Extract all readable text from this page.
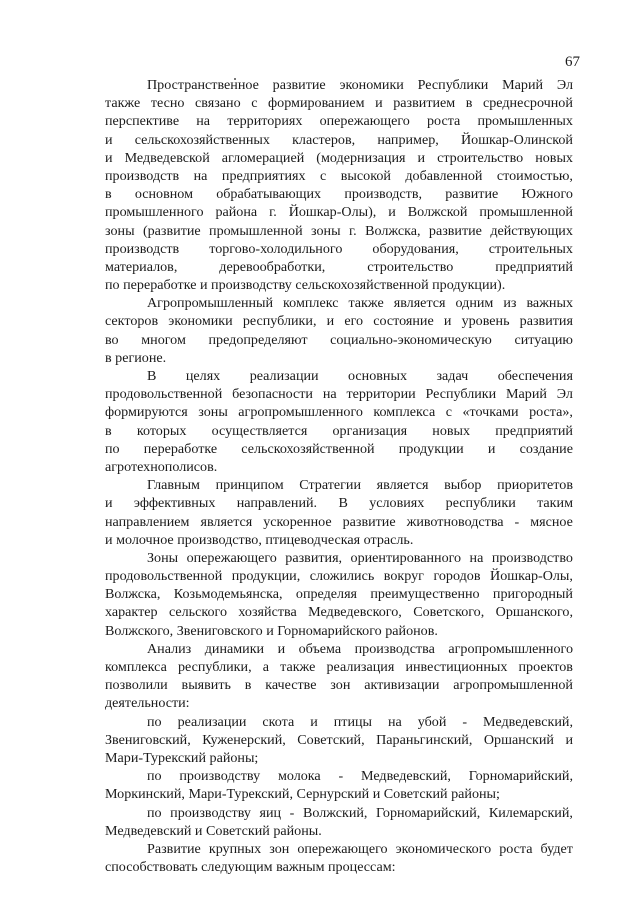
67
Пространственное развитие экономики Республики Марий Эл
также тесно связано с формированием и развитием в среднесрочной
перспективе на территориях опережающего роста промышленных
и сельскохозяйственных кластеров, например, Йошкар-Олинской
и Медведевской агломерацией (модернизация и строительство новых
производств на предприятиях с высокой добавленной стоимостью,
в основном обрабатывающих производств, развитие Южного
промышленного района г. Йошкар-Олы), и Волжской промышленной
зоны (развитие промышленной зоны г. Волжска, развитие действующих
производств торгово-холодильного оборудования, строительных
материалов,	деревообработки,	строительство	предприятий
по переработке и производству сельскохозяйственной продукции).
Агропромышленный комплекс также является одним из важных
секторов экономики республики, и его состояние и уровень развития
во многом предопределяют социально-экономическую ситуацию
в регионе.
В целях реализации основных задач обеспечения
продовольственной безопасности на территории Республики Марий Эл
формируются зоны агропромышленного комплекса с «точками роста»,
в которых осуществляется организация новых предприятий
по переработке сельскохозяйственной продукции и создание
агротехнополисов.
Главным принципом Стратегии является выбор приоритетов
и эффективных направлений. В условиях республики таким
направлением является ускоренное развитие животноводства - мясное
и молочное производство, птицеводческая отрасль.
Зоны опережающего развития, ориентированного на производство
продовольственной продукции, сложились вокруг городов Йошкар-Олы,
Волжска, Козьмодемьянска, определяя преимущественно пригородный
характер сельского хозяйства Медведевского, Советского, Оршанского,
Волжского, Звениговского и Горномарийского районов.
Анализ динамики и объема производства агропромышленного
комплекса республики, а также реализация инвестиционных проектов
позволили выявить в качестве зон активизации агропромышленной
деятельности:
по реализации скота и птицы на убой - Медведевский,
Звениговский, Куженерский, Советский, Параньгинский, Оршанский и
Мари-Турекский районы;
по производству молока - Медведевский, Горномарийский,
Моркинский, Мари-Турекский, Сернурский и Советский районы;
по производству яиц - Волжский, Горномарийский, Килемарский,
Медведевский и Советский районы.
Развитие крупных зон опережающего экономического роста будет
способствовать следующим важным процессам:
